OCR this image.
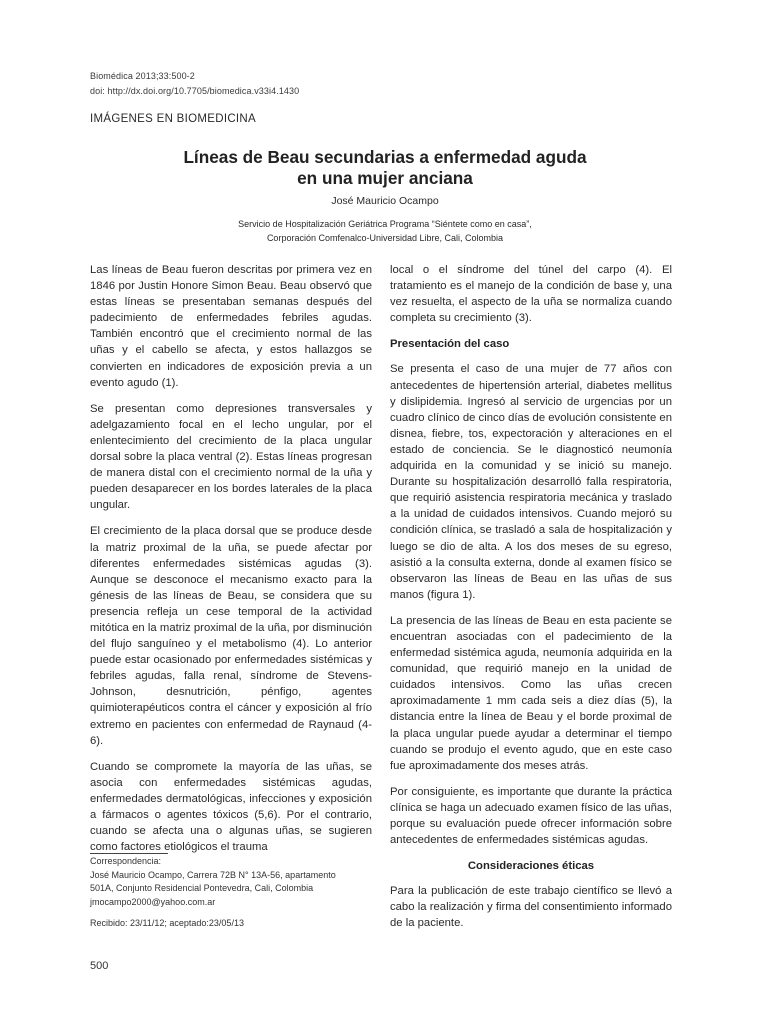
Biomédica 2013;33:500-2
doi: http://dx.doi.org/10.7705/biomedica.v33i4.1430
IMÁGENES EN BIOMEDICINA
Líneas de Beau secundarias a enfermedad aguda
en una mujer anciana
José Mauricio Ocampo
Servicio de Hospitalización Geriátrica Programa “Siéntete como en casa”,
Corporación Comfenalco-Universidad Libre, Cali, Colombia

Las líneas de Beau fueron descritas por primera vez en 1846 por Justin Honore Simon Beau. Beau observó que estas líneas se presentaban semanas después del padecimiento de enfermedades febriles agudas. También encontró que el crecimiento normal de las uñas y el cabello se afecta, y estos hallazgos se convierten en indicadores de exposición previa a un evento agudo (1).

Se presentan como depresiones transversales y adelgazamiento focal en el lecho ungular, por el enlentecimiento del crecimiento de la placa ungular dorsal sobre la placa ventral (2). Estas líneas progresan de manera distal con el crecimiento normal de la uña y pueden desaparecer en los bordes laterales de la placa ungular.

El crecimiento de la placa dorsal que se produce desde la matriz proximal de la uña, se puede afectar por diferentes enfermedades sistémicas agudas (3). Aunque se desconoce el mecanismo exacto para la génesis de las líneas de Beau, se considera que su presencia refleja un cese temporal de la actividad mitótica en la matriz proximal de la uña, por disminución del flujo sanguíneo y el metabolismo (4). Lo anterior puede estar ocasionado por enfermedades sistémicas y febriles agudas, falla renal, síndrome de Stevens-Johnson, desnutrición, pénfigo, agentes quimioterapéuticos contra el cáncer y exposición al frío extremo en pacientes con enfermedad de Raynaud (4-6).

Cuando se compromete la mayoría de las uñas, se asocia con enfermedades sistémicas agudas, enfermedades dermatológicas, infecciones y exposición a fármacos o agentes tóxicos (5,6). Por el contrario, cuando se afecta una o algunas uñas, se sugieren como factores etiológicos el trauma

local o el síndrome del túnel del carpo (4). El tratamiento es el manejo de la condición de base y, una vez resuelta, el aspecto de la uña se normaliza cuando completa su crecimiento (3).

Presentación del caso

Se presenta el caso de una mujer de 77 años con antecedentes de hipertensión arterial, diabetes mellitus y dislipidemia. Ingresó al servicio de urgencias por un cuadro clínico de cinco días de evolución consistente en disnea, fiebre, tos, expectoración y alteraciones en el estado de conciencia. Se le diagnosticó neumonía adquirida en la comunidad y se inició su manejo. Durante su hospitalización desarrolló falla respiratoria, que requirió asistencia respiratoria mecánica y traslado a la unidad de cuidados intensivos. Cuando mejoró su condición clínica, se trasladó a sala de hospitalización y luego se dio de alta. A los dos meses de su egreso, asistió a la consulta externa, donde al examen físico se observaron las líneas de Beau en las uñas de sus manos (figura 1).

La presencia de las líneas de Beau en esta paciente se encuentran asociadas con el padecimiento de la enfermedad sistémica aguda, neumonía adquirida en la comunidad, que requirió manejo en la unidad de cuidados intensivos. Como las uñas crecen aproximadamente 1 mm cada seis a diez días (5), la distancia entre la línea de Beau y el borde proximal de la placa ungular puede ayudar a determinar el tiempo cuando se produjo el evento agudo, que en este caso fue aproximadamente dos meses atrás.

Por consiguiente, es importante que durante la práctica clínica se haga un adecuado examen físico de las uñas, porque su evaluación puede ofrecer información sobre antecedentes de enfermedades sistémicas agudas.

Consideraciones éticas

Para la publicación de este trabajo científico se llevó a cabo la realización y firma del consentimiento informado de la paciente.

Correspondencia:
José Mauricio Ocampo, Carrera 72B N° 13A-56, apartamento
501A, Conjunto Residencial Pontevedra, Cali, Colombia
jmocampo2000@yahoo.com.ar
Recibido: 23/11/12; aceptado:23/05/13
500
